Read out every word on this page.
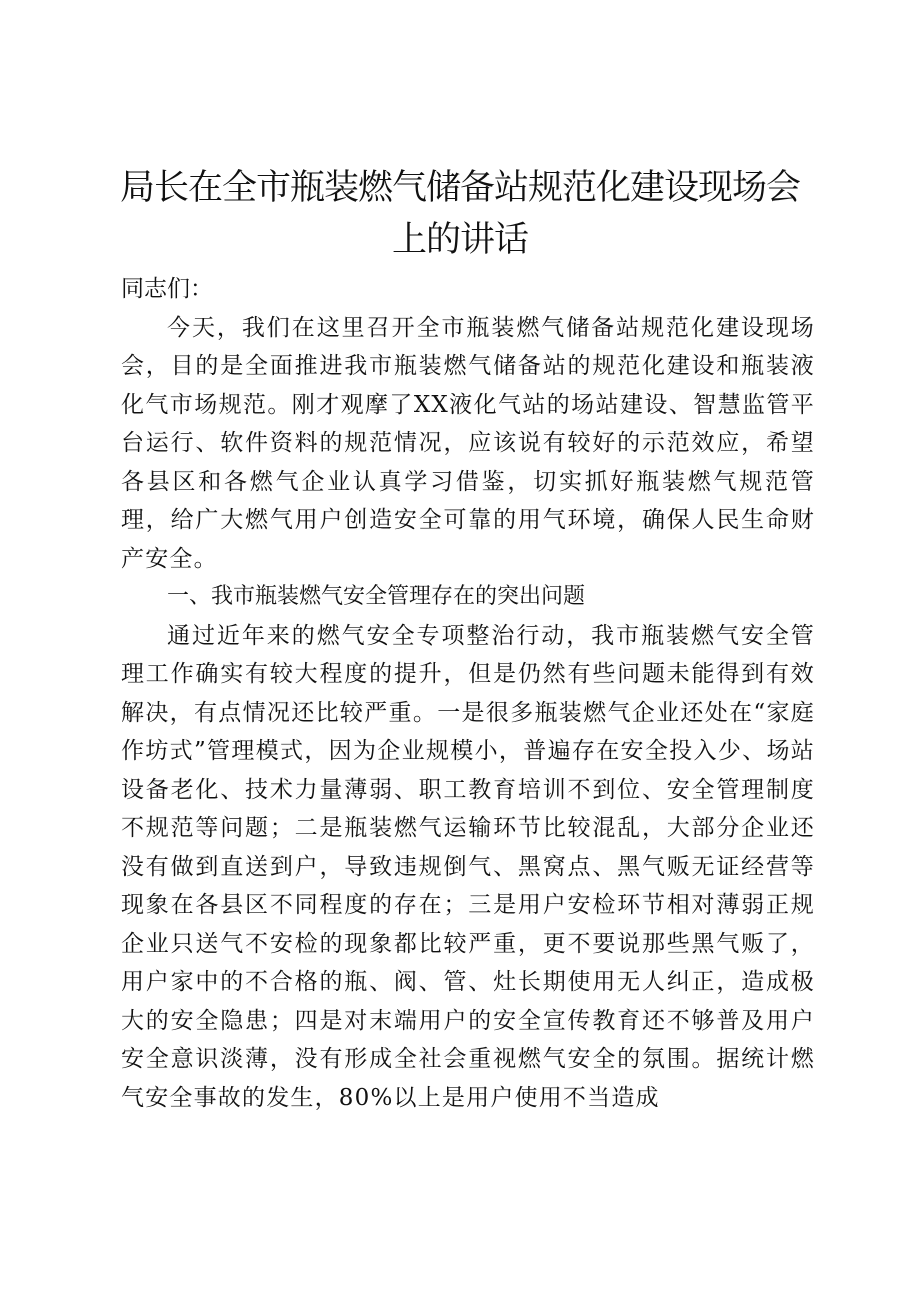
局长在全市瓶装燃气储备站规范化建设现场会上的讲话

同志们：

今天，我们在这里召开全市瓶装燃气储备站规范化建设现场会，目的是全面推进我市瓶装燃气储备站的规范化建设和瓶装液化气市场规范。刚才观摩了XX液化气站的场站建设、智慧监管平台运行、软件资料的规范情况，应该说有较好的示范效应，希望各县区和各燃气企业认真学习借鉴，切实抓好瓶装燃气规范管理，给广大燃气用户创造安全可靠的用气环境，确保人民生命财产安全。

一、我市瓶装燃气安全管理存在的突出问题

通过近年来的燃气安全专项整治行动，我市瓶装燃气安全管理工作确实有较大程度的提升，但是仍然有些问题未能得到有效解决，有点情况还比较严重。一是很多瓶装燃气企业还处在“家庭作坊式”管理模式，因为企业规模小，普遍存在安全投入少、场站设备老化、技术力量薄弱、职工教育培训不到位、安全管理制度不规范等问题；二是瓶装燃气运输环节比较混乱，大部分企业还没有做到直送到户，导致违规倒气、黑窝点、黑气贩无证经营等现象在各县区不同程度的存在；三是用户安检环节相对薄弱正规企业只送气不安检的现象都比较严重，更不要说那些黑气贩了，用户家中的不合格的瓶、阀、管、灶长期使用无人纠正，造成极大的安全隐患；四是对末端用户的安全宣传教育还不够普及用户安全意识淡薄，没有形成全社会重视燃气安全的氛围。据统计燃气安全事故的发生，80%以上是用户使用不当造成
